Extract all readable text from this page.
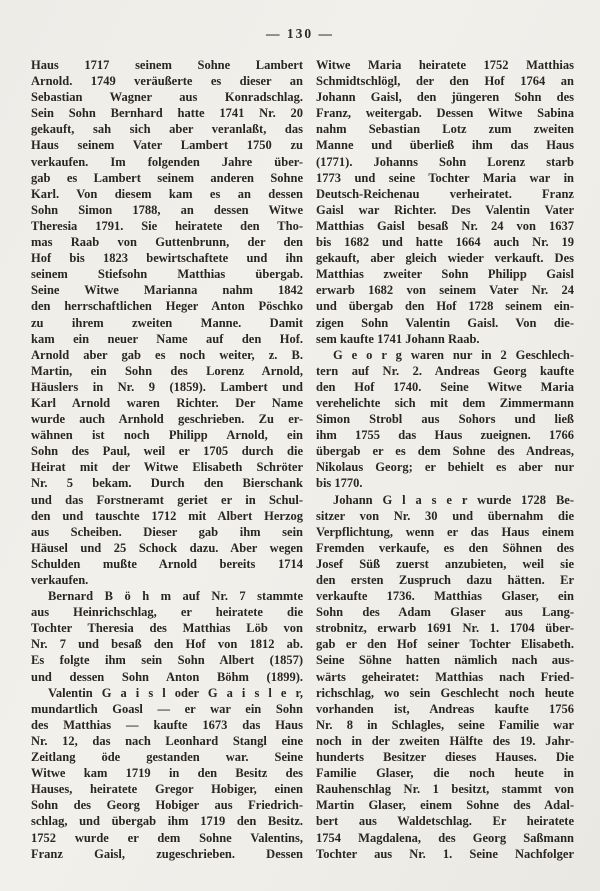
— 130 —
Haus 1717 seinem Sohne Lambert
Arnold. 1749 veräußerte es dieser an
Sebastian Wagner aus Konradschlag.
Sein Sohn Bernhard hatte 1741 Nr. 20
gekauft, sah sich aber veranlaßt, das
Haus seinem Vater Lambert 1750 zu
verkaufen. Im folgenden Jahre über-
gab es Lambert seinem anderen Sohne
Karl. Von diesem kam es an dessen
Sohn Simon 1788, an dessen Witwe
Theresia 1791. Sie heiratete den Tho-
mas Raab von Guttenbrunn, der den
Hof bis 1823 bewirtschaftete und ihn
seinem Stiefsohn Matthias übergab.
Seine Witwe Marianna nahm 1842
den herrschaftlichen Heger Anton Pöschko
zu ihrem zweiten Manne. Damit
kam ein neuer Name auf den Hof.
Arnold aber gab es noch weiter, z. B.
Martin, ein Sohn des Lorenz Arnold,
Häuslers in Nr. 9 (1859). Lambert und
Karl Arnold waren Richter. Der Name
wurde auch Arnhold geschrieben. Zu er-
wähnen ist noch Philipp Arnold, ein
Sohn des Paul, weil er 1705 durch die
Heirat mit der Witwe Elisabeth Schröter
Nr. 5 bekam. Durch den Bierschank
und das Forstneramt geriet er in Schul-
den und tauschte 1712 mit Albert Herzog
aus Scheiben. Dieser gab ihm sein
Häusel und 25 Schock dazu. Aber wegen
Schulden mußte Arnold bereits 1714
verkaufen.
Bernard B ö h m auf Nr. 7 stammte
aus Heinrichschlag, er heiratete die
Tochter Theresia des Matthias Löb von
Nr. 7 und besaß den Hof von 1812 ab.
Es folgte ihm sein Sohn Albert (1857)
und dessen Sohn Anton Böhm (1899).
Valentin G a i s l oder G a i s l e r,
mundartlich Goasl — er war ein Sohn
des Matthias — kaufte 1673 das Haus
Nr. 12, das nach Leonhard Stangl eine
Zeitlang öde gestanden war. Seine
Witwe kam 1719 in den Besitz des
Hauses, heiratete Gregor Hobiger, einen
Sohn des Georg Hobiger aus Friedrich-
schlag, und übergab ihm 1719 den Besitz.
1752 wurde er dem Sohne Valentins,
Franz Gaisl, zugeschrieben. Dessen
Witwe Maria heiratete 1752 Matthias
Schmidtschlögl, der den Hof 1764 an
Johann Gaisl, den jüngeren Sohn des
Franz, weitergab. Dessen Witwe Sabina
nahm Sebastian Lotz zum zweiten
Manne und überließ ihm das Haus
(1771). Johanns Sohn Lorenz starb
1773 und seine Tochter Maria war in
Deutsch-Reichenau verheiratet. Franz
Gaisl war Richter. Des Valentin Vater
Matthias Gaisl besaß Nr. 24 von 1637
bis 1682 und hatte 1664 auch Nr. 19
gekauft, aber gleich wieder verkauft. Des
Matthias zweiter Sohn Philipp Gaisl
erwarb 1682 von seinem Vater Nr. 24
und übergab den Hof 1728 seinem ein-
zigen Sohn Valentin Gaisl. Von die-
sem kaufte 1741 Johann Raab.
G e o r g waren nur in 2 Geschlech-
tern auf Nr. 2. Andreas Georg kaufte
den Hof 1740. Seine Witwe Maria
verehelichte sich mit dem Zimmermann
Simon Strobl aus Sohors und ließ
ihm 1755 das Haus zueignen. 1766
übergab er es dem Sohne des Andreas,
Nikolaus Georg; er behielt es aber nur
bis 1770.
Johann G l a s e r wurde 1728 Be-
sitzer von Nr. 30 und übernahm die
Verpflichtung, wenn er das Haus einem
Fremden verkaufe, es den Söhnen des
Josef Süß zuerst anzubieten, weil sie
den ersten Zuspruch dazu hätten. Er
verkaufte 1736. Matthias Glaser, ein
Sohn des Adam Glaser aus Lang-
strobnitz, erwarb 1691 Nr. 1. 1704 über-
gab er den Hof seiner Tochter Elisabeth.
Seine Söhne hatten nämlich nach aus-
wärts geheiratet: Matthias nach Fried-
richschlag, wo sein Geschlecht noch heute
vorhanden ist, Andreas kaufte 1756
Nr. 8 in Schlagles, seine Familie war
noch in der zweiten Hälfte des 19. Jahr-
hunderts Besitzer dieses Hauses. Die
Familie Glaser, die noch heute in
Rauhenschlag Nr. 1 besitzt, stammt von
Martin Glaser, einem Sohne des Adal-
bert aus Waldetschlag. Er heiratete
1754 Magdalena, des Georg Saßmann
Tochter aus Nr. 1. Seine Nachfolger
